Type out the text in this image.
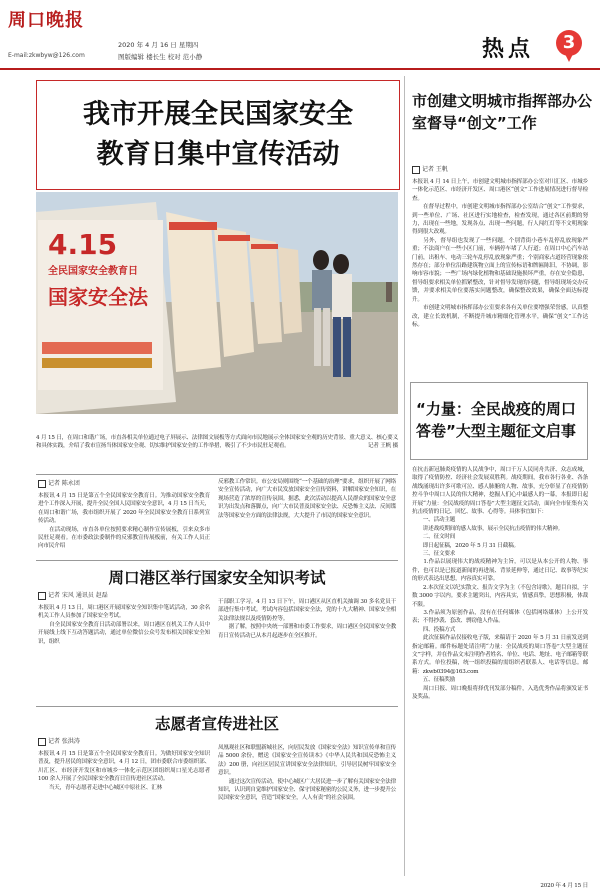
周口晚报
E-mail:zkwbyw@126.com
2020 年 4 月 16 日 星期四
图版编辑 楼长生 校对 范小静	热点	3
我市开展全民国家安全
教育日集中宣传活动
4.15
全民国家安全教育日
国家安全法
4 月 15 日，在周口和谐广场，市直各相关单位通过电子屏展示、法律图文展板等方式面向市民地展示全体国家安全观的历史背景、重大意义、核心要义和具体实践，介绍了我市宣扬当体国家安全观、切实维护国家安全的工作举措，吸引了不少市民驻足观看。	记者 王帆 摄
记者 陈永团
本报讯 4 月 15 日是第五个全民国家安全教育日。为推动国家安全教育进个工作深入开展，提升全民全国人民国家安全意识，4 月 15 日当天，在周口和谐广场，我市组织开展了 2020 年全民国家安全教育日系列宣传活动。
　　在活动现场，市直各单位按照要求精心制作宣传展板，引来众多市民驻足观看。在市委政法委制作的反邪教宣传展板前，有关工作人员正向市民介绍
反邪教工作常识。市公安局则围绕“一个基础的治理”要求，组织开展了网络安全宣传活动，向广大市民发放国家安全宣传资料，讲解国家安全知识，在现场营造了浓厚的宣传氛围。据悉，此次活动以提高人民群众的国家安全意识为出发点和落脚点，向广大市民普及国家安全法、反恐怖主义法、反间谍法等国家安全方面的法律法规，大大提升了市民的国家安全意识。
周口港区举行国家安全知识考试
记者 宋风 通讯员 赵磊
本报讯 4 月 13 日，周口港区开展国家安全知识集中笔试活动，30 余名机关工作人员参加了国家安全考试。
　　自全民国家安全教育日活动部署以来，周口港区在机关工作人员中开展线上线下互动答题活动，通过单位微信公众号发布相关国家安全知识，组织
干部职工学习。4 月 13 日下午，周口港区从区直机关抽调 30 多名党员干部进行集中考试。考试内容包括国家安全法，党的十九大精神、国家安全相关法律法规以及疫情防控等。
　　据了解，按照中央统一部署和市委工作要求，周口港区全民国家安全教育日宣传活动已从本月起逐步在全区推开。
志愿者宣传进社区
记者 张洪涛
本报讯 4 月 15 日是第五个全民国家安全教育日。为做好国家安全知识普及，提升居民的国家安全意识，4 月 12 日，团市委联合市委组织部、川汇区、市经济开发区和市城乡一体化示范区团组织周口星光志愿者 100 余人开展了全民国家安全教育日宣传进社区活动。
　　当天，青年志愿者走进中心城区中原社区、汇林
凤凰观社区和联盟新城社区，向居民发放《国家安全法》知识宣传单和宣传品 5000 余份，赠送《国家安全宣传读本》《中华人民共和国反恐怖主义法》200 册，向社区居民宣讲国家安全法律知识，引导居民树牢国家安全意识。
　　通过这次宣传活动，使中心城区广大居民进一步了解有关国家安全法律知识，认识到自觉维护国家安全、保守国家秘密的公民义务，进一步提升公民国家安全意识，营造“国家安全，人人有责”的社会氛围。
市创建文明城市指挥部办公室督导“创文”工作
记者 王帆
本报讯 4 月 14 日上午，市创建文明城市指挥部办公室对川汇区、市城乡一体化示范区、市经济开发区、周口港区“创文”工作进展情况进行督导检查。
　　在督导过程中，市创建文明城市指挥部办公室结合“创文”工作要求，到一些单位、广场、社区进行实地检查，检查发现，通过各区前期的努力，出现在一些地，发现各点、出现一些问题，行人闯红灯等不文明现象得到很大改观。
　　另外，督导组也发现了一些问题，个别背街小巷车乱停乱放现象严重；不法商户在一些小区门前，车辆停车堵了人行道；在周口中心汽车站门前，出租车、电动三轮车乱停乱放现象严重；个别商家占道经营现象依然存在；部分单位沿路建筑物立面上的宣传标语和牌匾陈旧，不协调，影响市容市貌；一些广场内绿化植物和基础设施损坏严重，存在安全隐患，督导组要求相关单位抓紧整改，针对督导发现的问题，督导组现场交办反馈，并要求相关单位要落实问题整改，确保整改效果，确保全面达标提升。
　　市创建文明城市指挥部办公室要求各有关单位要增强荣誉感，认真整改，建立长效机制，不断提升城市精细化管理水平，确保“创文”工作达标。
“力量：全民战疫的周口答卷”大型主题征文启事
在抗击新冠肺炎疫情的人民战争中，周口千万人民同舟共济、众志成城，取得了疫情防控、经济社会发展双胜利。战疫期间，我市各行各业、各条战线涌现出许多可歌可泣、感人肺腑的人物、故事，充分彰显了在疫情防控斗争中周口人民的伟大精神，挖掘人们心中最感人的一幕，本报即日起开展“力量：全民战疫的周口答卷”大型主题征文活动，面向全市征集有关抗击疫情的日记、回忆、故事、心得等。具体事宜如下：
　　一、活动主题
　　讲述战疫期间的感人故事，展示全民抗击疫情的伟大精神。
　　二、征文时间
　　即日起征稿，2020 年 5 月 31 日截稿。
　　三、征文要求
　　1.作品以展现伟大的战疫精神为主旨，可以是从本公开的人物、事件，也可以是已报道新闻的再进展、背景延伸等，通过日记、故事等纪实的形式表达出思想，内容真实可靠。
　　2.本次征文以纪实散文、报告文学为主（不包含诗歌），题目自拟，字数 3000 字以内。要求主题突出，内容具实，情感真挚，思想积极，体裁不限。
　　3.作品须为原创作品，没有在任何媒体（包括网络媒体）上公开发表；不得抄袭、套改、剽窃他人作品。
　　四、投稿方式
　　此次征稿作品仅接收电子版，来稿请于 2020 年 5 月 31 日前发送到指定邮箱。邮件标题处请注明“力量：全民战疫的周口答卷”大型主题征文”字样，并在作品文末注明作者姓名、单位、电话、地址、电子邮箱等联系方式。单位投稿，统一组织投稿的需组织者联系人、电话等信息。邮箱：zkwb0394@163.com
　　五、征稿奖励
　　周口日报、周口晚报将择优刊发部分稿件，入选优秀作品将颁发证书及奖品。
2020 年 4 月 15 日
